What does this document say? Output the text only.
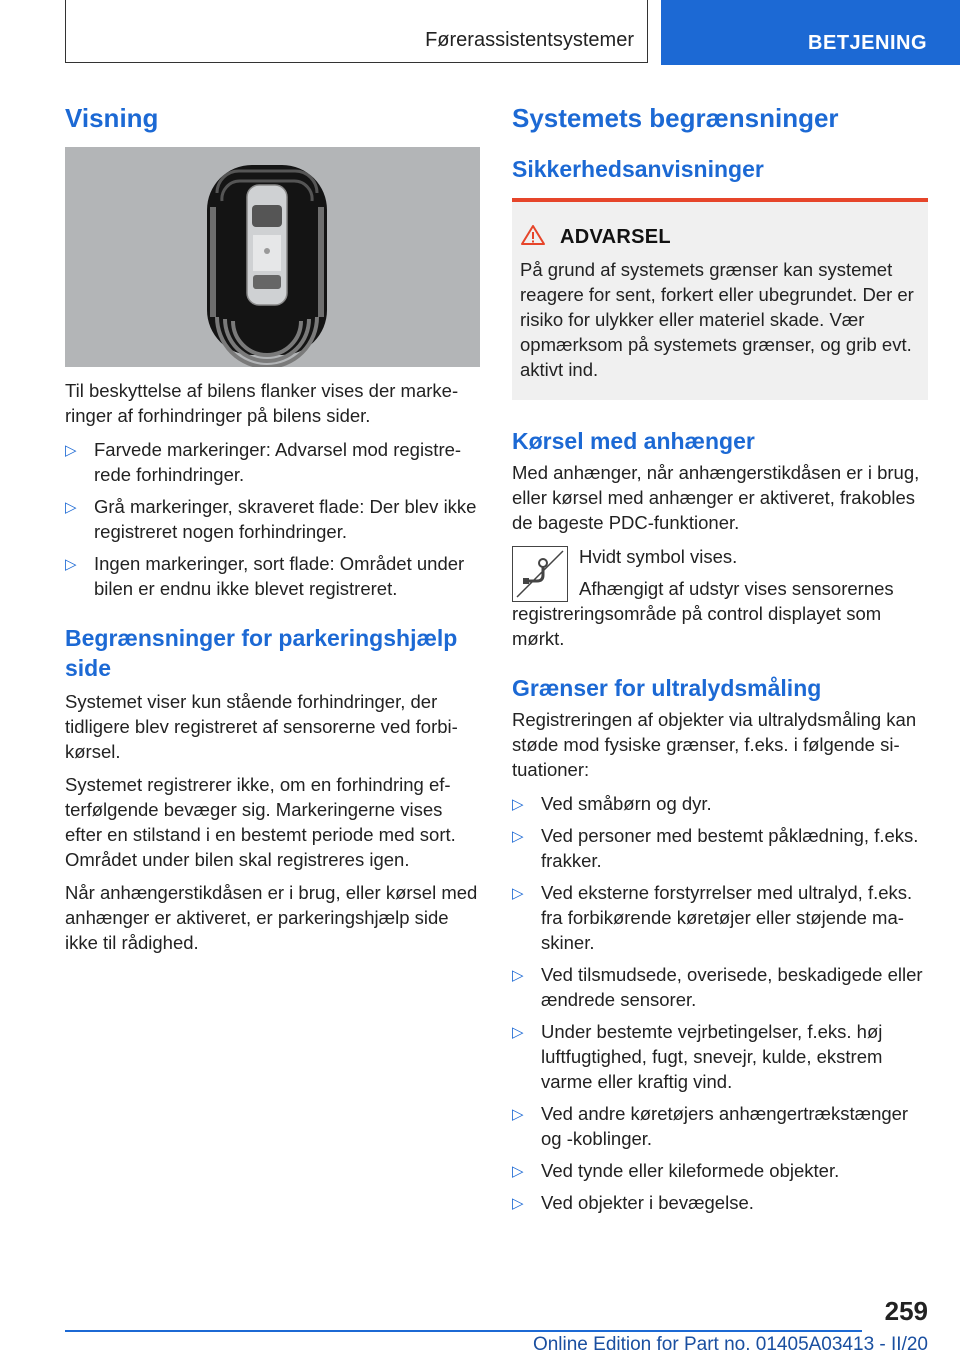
Førerassistentsystemer	BETJENING
Visning

Til beskyttelse af bilens flanker vises der markeringer af forhindringer på bilens sider.

▷ Farvede markeringer: Advarsel mod registrerede forhindringer.
▷ Grå markeringer, skraveret flade: Der blev ikke registreret nogen forhindringer.
▷ Ingen markeringer, sort flade: Området under bilen er endnu ikke blevet registreret.
Begrænsninger for parkeringshjælp side

Systemet viser kun stående forhindringer, der tidligere blev registreret af sensorerne ved forbikørsel.

Systemet registrerer ikke, om en forhindring efterfølgende bevæger sig. Markeringerne vises efter en stilstand i en bestemt periode med sort. Området under bilen skal registreres igen.

Når anhængerstikdåsen er i brug, eller kørsel med anhænger er aktiveret, er parkeringshjælp side ikke til rådighed.

Systemets begrænsninger
Sikkerhedsanvisninger
ADVARSEL

På grund af systemets grænser kan systemet reagere for sent, forkert eller ubegrundet. Der er risiko for ulykker eller materiel skade. Vær opmærksom på systemets grænser, og grib evt. aktivt ind.

Kørsel med anhænger

Med anhænger, når anhængerstikdåsen er i brug, eller kørsel med anhænger er aktiveret, frakobles de bageste PDC-funktioner.

Hvidt symbol vises.

Afhængigt af udstyr vises sensorernes registreringsområde på control displayet som mørkt.

Grænser for ultralydsmåling

Registreringen af objekter via ultralydsmåling kan støde mod fysiske grænser, f.eks. i følgende situationer:

▷ Ved småbørn og dyr.
▷ Ved personer med bestemt påklædning, f.eks. frakker.
▷ Ved eksterne forstyrrelser med ultralyd, f.eks. fra forbikørende køretøjer eller støjende maskiner.
▷ Ved tilsmudsede, overisede, beskadigede eller ændrede sensorer.
▷ Under bestemte vejrbetingelser, f.eks. høj luftfugtighed, fugt, snevejr, kulde, ekstrem varme eller kraftig vind.
▷ Ved andre køretøjers anhængertrækstænger og -koblinger.
▷ Ved tynde eller kileformede objekter.
▷ Ved objekter i bevægelse.
259
Online Edition for Part no. 01405A03413 - II/20
